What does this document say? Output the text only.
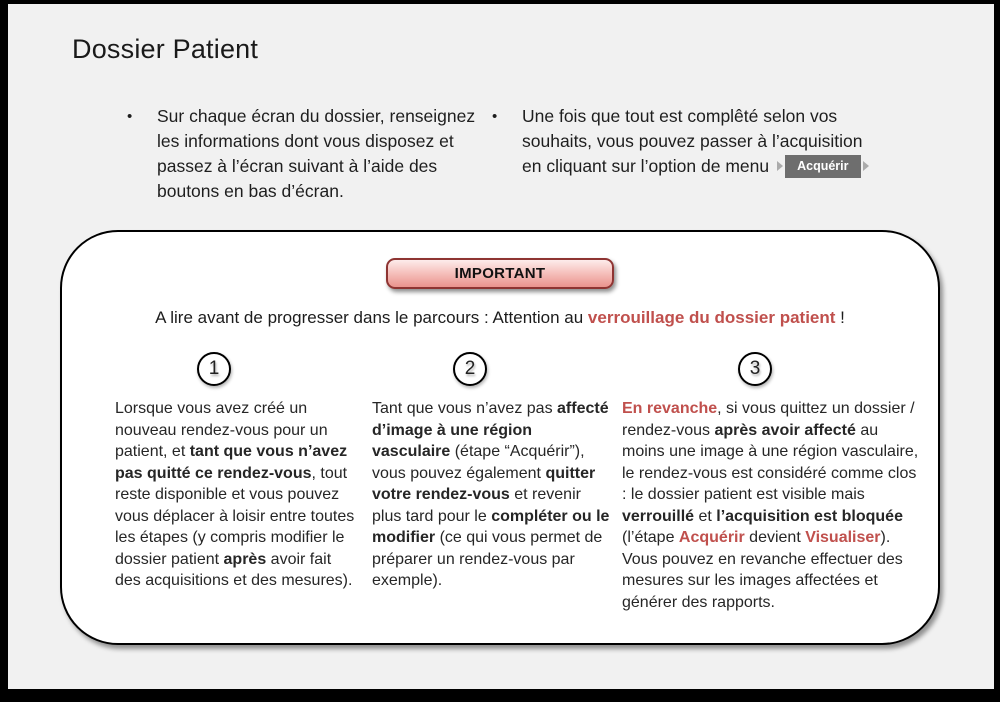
Dossier Patient
•	Sur chaque écran du dossier, renseignez les informations dont vous disposez et passez à l’écran suivant à l’aide des boutons en bas d’écran.
•	Une fois que tout est complêté selon vos souhaits, vous pouvez passer à l’acquisition en cliquant sur l’option de menu Acquérir
IMPORTANT
A lire avant de progresser dans le parcours : Attention au verrouillage du dossier patient !
1	2	3
Lorsque vous avez créé un nouveau rendez-vous pour un patient, et tant que vous n’avez pas quitté ce rendez-vous, tout reste disponible et vous pouvez vous déplacer à loisir entre toutes les étapes (y compris modifier le dossier patient après avoir fait des acquisitions et des mesures).
Tant que vous n’avez pas affecté d’image à une région vasculaire (étape “Acquérir”), vous pouvez également quitter votre rendez-vous et revenir plus tard pour le compléter ou le modifier (ce qui vous permet de préparer un rendez-vous par exemple).
En revanche, si vous quittez un dossier / rendez-vous après avoir affecté au moins une image à une région vasculaire, le rendez-vous est considéré comme clos : le dossier patient est visible mais verrouillé et l’acquisition est bloquée (l’étape Acquérir devient Visualiser). Vous pouvez en revanche effectuer des mesures sur les images affectées et générer des rapports.
